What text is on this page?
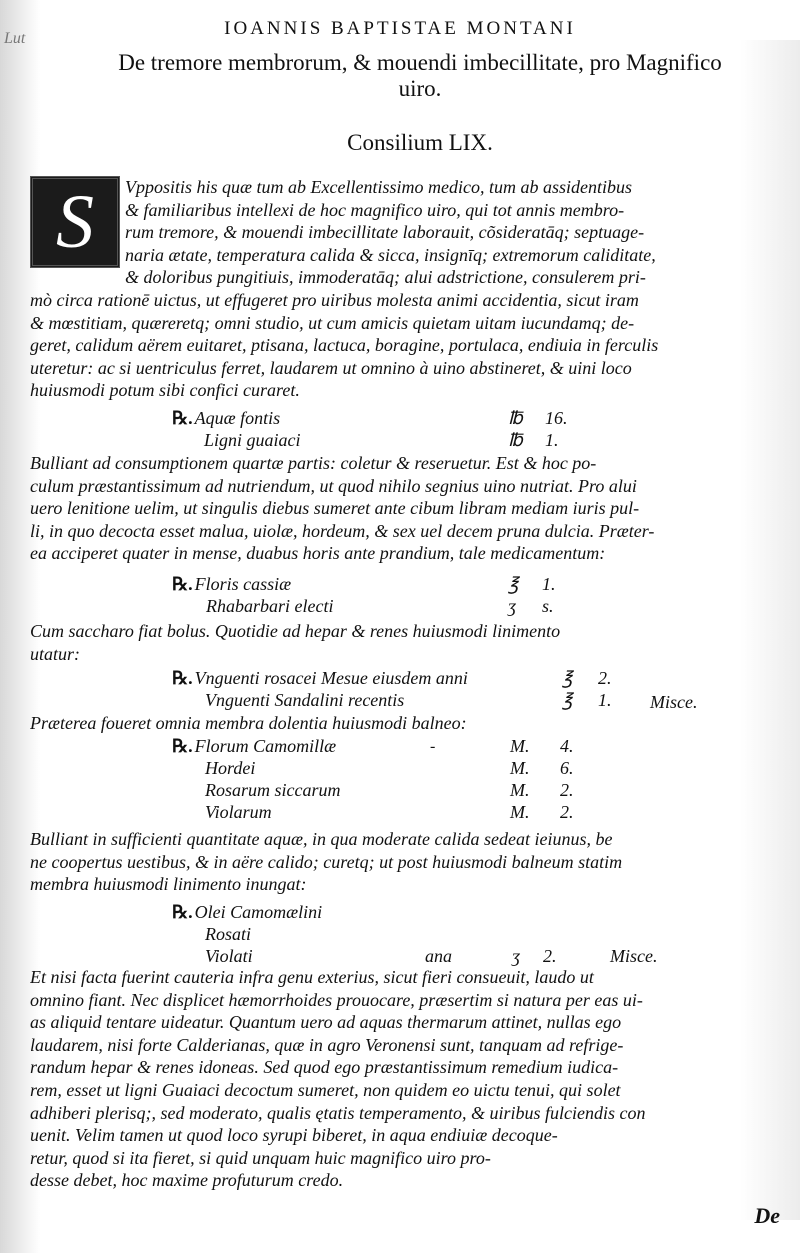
Lut	IOANNIS BAPTISTAE MONTANI
De tremore membrorum, & mouendi imbecillitate, pro Magnifico uiro.
Consilium LIX.
S	Vppositis his quæ tum ab Excellentissimo medico, tum ab assidentibus
& familiaribus intellexi de hoc magnifico uiro, qui tot annis membro-
rum tremore, & mouendi imbecillitate laborauit, cõsideratāq; septuage-
naria ætate, temperatura calida & sicca, insignīq; extremorum caliditate,
& doloribus pungitiuis, immoderatāq; alui adstrictione, consulerem pri-
mò circa rationē uictus, ut effugeret pro uiribus molesta animi accidentia, sicut iram
& mœstitiam, quæreretq; omni studio, ut cum amicis quietam uitam iucundamq; de-
geret, calidum aërem euitaret, ptisana, lactuca, boragine, portulaca, endiuia in ferculis
uteretur: ac si uentriculus ferret, laudarem ut omnino à uino abstineret, & uini loco
huiusmodi potum sibi confici curaret.
℞. Aquæ fontis	℔ 16.
Ligni guaiaci	℔ 1.
Bulliant ad consumptionem quartæ partis: coletur & reseruetur. Est & hoc po-
culum præstantissimum ad nutriendum, ut quod nihilo segnius uino nutriat. Pro alui
uero lenitione uelim, ut singulis diebus sumeret ante cibum libram mediam iuris pul-
li, in quo decocta esset malua, uiolæ, hordeum, & sex uel decem pruna dulcia. Præter-
ea acciperet quater in mense, duabus horis ante prandium, tale medicamentum:
℞. Floris cassiæ	℥ 1.
Rhabarbari electi	ʒ s.
Cum saccharo fiat bolus. Quotidie ad hepar & renes huiusmodi linimento
utatur:
℞. Vnguenti rosacei Mesue eiusdem anni	℥ 2.
Vnguenti Sandalini recentis	℥ 1. Misce.
Præterea foueret omnia membra dolentia huiusmodi balneo:
℞. Florum Camomillæ	M. 4.
Hordei	M. 6.
Rosarum siccarum	M. 2.
Violarum	M. 2.
-
Bulliant in sufficienti quantitate aquæ, in qua moderate calida sedeat ieiunus, be
ne coopertus uestibus, & in aëre calido; curetq; ut post huiusmodi balneum statim
membra huiusmodi linimento inungat:
℞. Olei Camomælini
Rosati
Violati	ana	ʒ 2.	Misce.
Et nisi facta fuerint cauteria infra genu exterius, sicut fieri consueuit, laudo ut
omnino fiant. Nec displicet hæmorrhoides prouocare, præsertim si natura per eas ui-
as aliquid tentare uideatur. Quantum uero ad aquas thermarum attinet, nullas ego
laudarem, nisi forte Calderianas, quæ in agro Veronensi sunt, tanquam ad refrige-
randum hepar & renes idoneas. Sed quod ego præstantissimum remedium iudica-
rem, esset ut ligni Guaiaci decoctum sumeret, non quidem eo uictu tenui, qui solet
adhiberi plerisq;, sed moderato, qualis ętatis temperamento, & uiribus fulciendis con
uenit. Velim tamen ut quod loco syrupi biberet, in aqua endiuiæ decoque-
retur, quod si ita fieret, si quid unquam huic magnifico uiro pro-
desse debet, hoc maxime profuturum credo.
De
